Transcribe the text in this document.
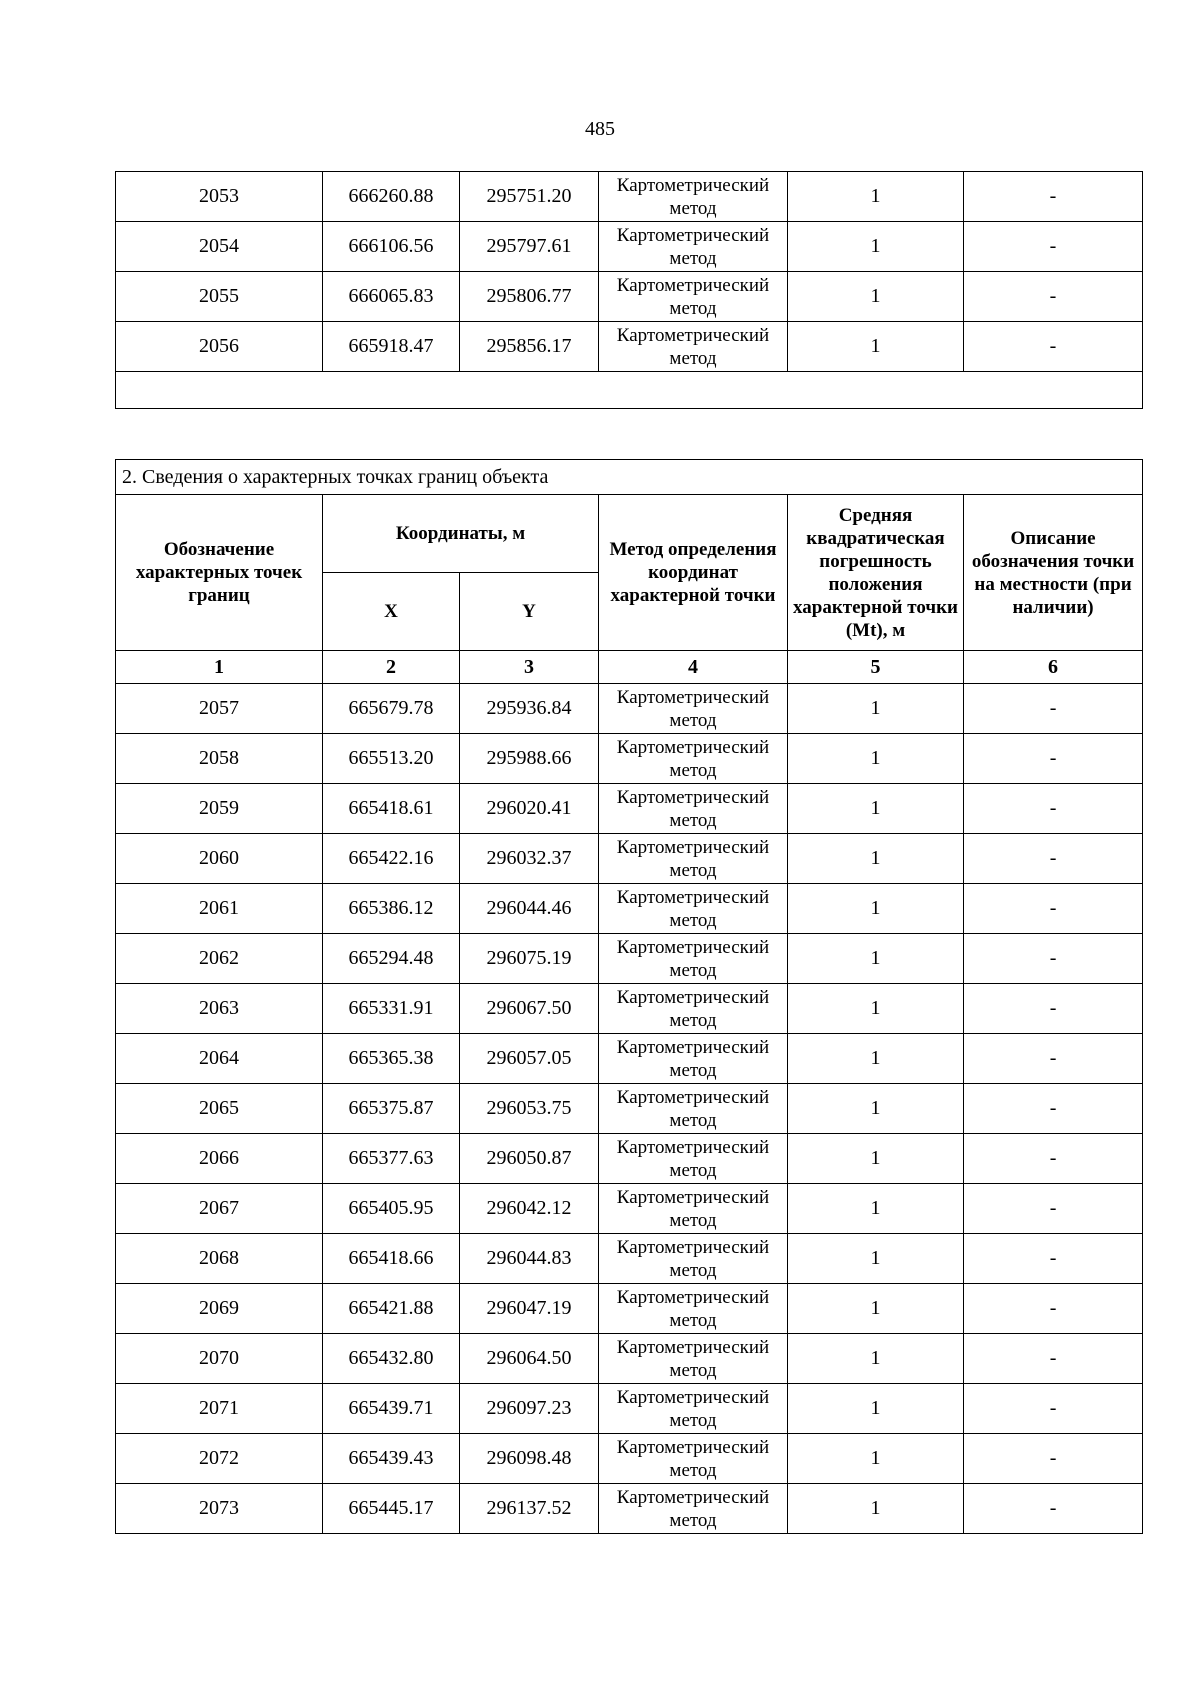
485
2053	666260.88	295751.20	Картометрический метод	1	-
2054	666106.56	295797.61	Картометрический метод	1	-
2055	666065.83	295806.77	Картометрический метод	1	-
2056	665918.47	295856.17	Картометрический метод	1	-

2. Сведения о характерных точках границ объекта					
Обозначение характерных точек границ	Координаты, м		Метод определения координат характерной точки	Средняя квадратическая погрешность положения характерной точки (Mt), м	Описание обозначения точки на местности (при наличии)
	X	Y			
1	2	3	4	5	6
2057	665679.78	295936.84	Картометрический метод	1	-
2058	665513.20	295988.66	Картометрический метод	1	-
2059	665418.61	296020.41	Картометрический метод	1	-
2060	665422.16	296032.37	Картометрический метод	1	-
2061	665386.12	296044.46	Картометрический метод	1	-
2062	665294.48	296075.19	Картометрический метод	1	-
2063	665331.91	296067.50	Картометрический метод	1	-
2064	665365.38	296057.05	Картометрический метод	1	-
2065	665375.87	296053.75	Картометрический метод	1	-
2066	665377.63	296050.87	Картометрический метод	1	-
2067	665405.95	296042.12	Картометрический метод	1	-
2068	665418.66	296044.83	Картометрический метод	1	-
2069	665421.88	296047.19	Картометрический метод	1	-
2070	665432.80	296064.50	Картометрический метод	1	-
2071	665439.71	296097.23	Картометрический метод	1	-
2072	665439.43	296098.48	Картометрический метод	1	-
2073	665445.17	296137.52	Картометрический метод	1	-
